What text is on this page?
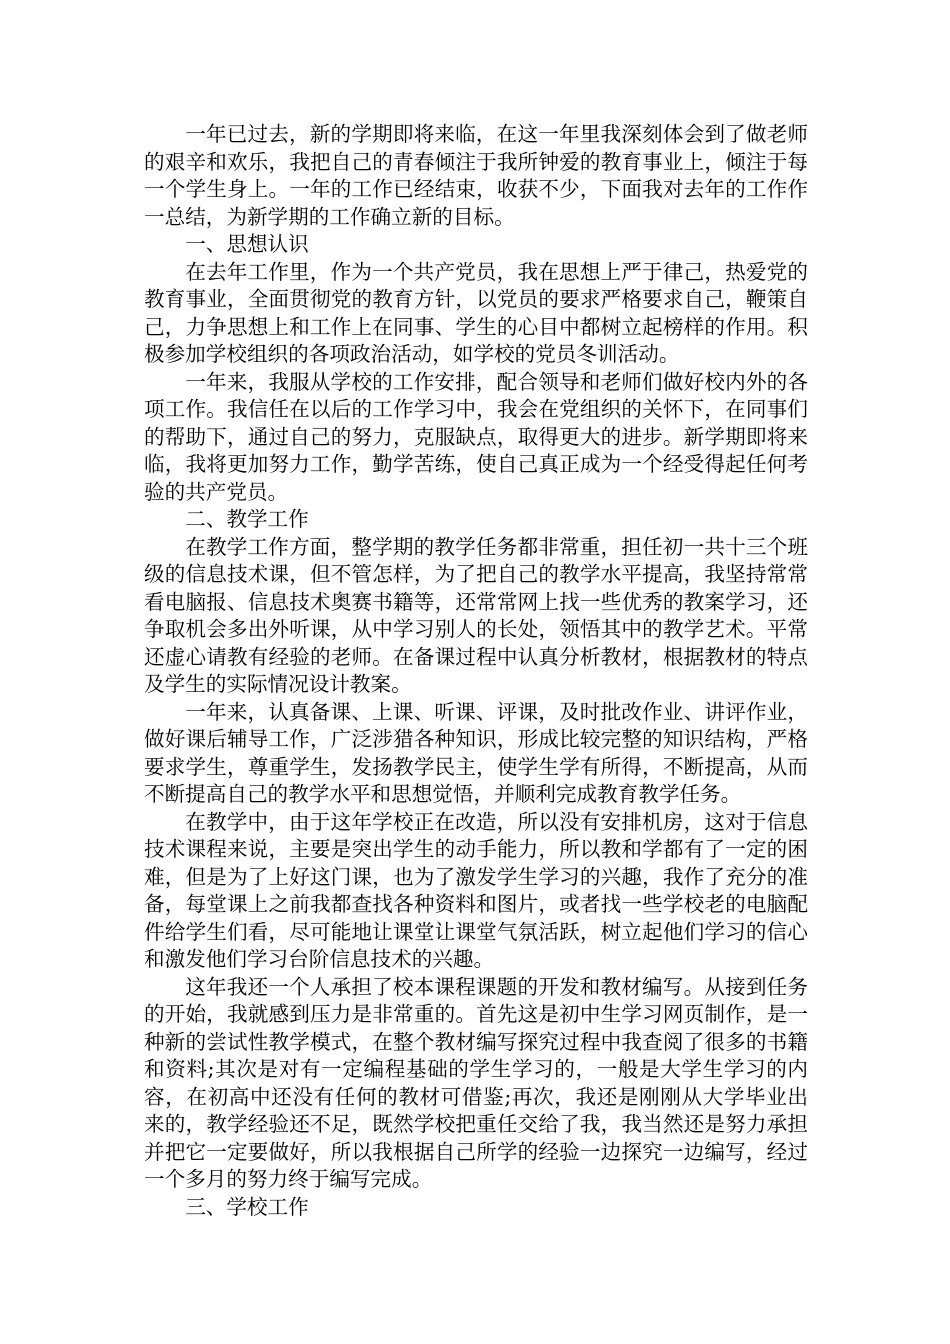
一年已过去，新的学期即将来临，在这一年里我深刻体会到了做老师的艰辛和欢乐，我把自己的青春倾注于我所钟爱的教育事业上，倾注于每一个学生身上。一年的工作已经结束，收获不少，下面我对去年的工作作一总结，为新学期的工作确立新的目标。

一、思想认识

在去年工作里，作为一个共产党员，我在思想上严于律己，热爱党的教育事业，全面贯彻党的教育方针，以党员的要求严格要求自己，鞭策自己，力争思想上和工作上在同事、学生的心目中都树立起榜样的作用。积极参加学校组织的各项政治活动，如学校的党员冬训活动。

一年来，我服从学校的工作安排，配合领导和老师们做好校内外的各项工作。我信任在以后的工作学习中，我会在党组织的关怀下，在同事们的帮助下，通过自己的努力，克服缺点，取得更大的进步。新学期即将来临，我将更加努力工作，勤学苦练，使自己真正成为一个经受得起任何考验的共产党员。

二、教学工作

在教学工作方面，整学期的教学任务都非常重，担任初一共十三个班级的信息技术课，但不管怎样，为了把自己的教学水平提高，我坚持常常看电脑报、信息技术奥赛书籍等，还常常网上找一些优秀的教案学习，还争取机会多出外听课，从中学习别人的长处，领悟其中的教学艺术。平常还虚心请教有经验的老师。在备课过程中认真分析教材，根据教材的特点及学生的实际情况设计教案。

一年来，认真备课、上课、听课、评课，及时批改作业、讲评作业，做好课后辅导工作，广泛涉猎各种知识，形成比较完整的知识结构，严格要求学生，尊重学生，发扬教学民主，使学生学有所得，不断提高，从而不断提高自己的教学水平和思想觉悟，并顺利完成教育教学任务。

在教学中，由于这年学校正在改造，所以没有安排机房，这对于信息技术课程来说，主要是突出学生的动手能力，所以教和学都有了一定的困难，但是为了上好这门课，也为了激发学生学习的兴趣，我作了充分的准备，每堂课上之前我都查找各种资料和图片，或者找一些学校老的电脑配件给学生们看，尽可能地让课堂让课堂气氛活跃，树立起他们学习的信心和激发他们学习台阶信息技术的兴趣。

这年我还一个人承担了校本课程课题的开发和教材编写。从接到任务的开始，我就感到压力是非常重的。首先这是初中生学习网页制作，是一种新的尝试性教学模式，在整个教材编写探究过程中我查阅了很多的书籍和资料;其次是对有一定编程基础的学生学习的，一般是大学生学习的内容，在初高中还没有任何的教材可借鉴;再次，我还是刚刚从大学毕业出来的，教学经验还不足，既然学校把重任交给了我，我当然还是努力承担并把它一定要做好，所以我根据自己所学的经验一边探究一边编写，经过一个多月的努力终于编写完成。

三、学校工作
